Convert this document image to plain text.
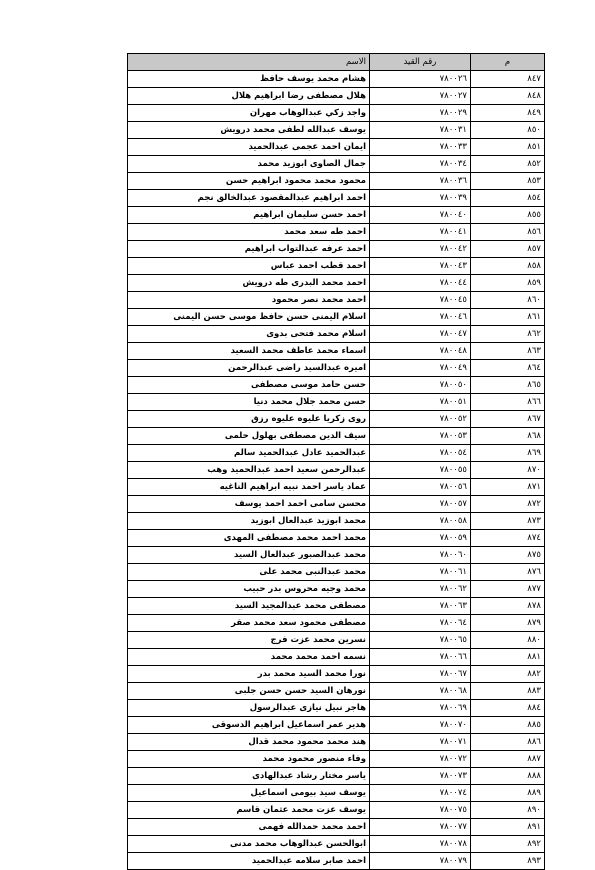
م	رقم القيد	الاسم
٨٤٧	٧٨٠٠٢٦	هشام محمد يوسف حافظ
٨٤٨	٧٨٠٠٢٧	هلال مصطفى رضا ابراهيم هلال
٨٤٩	٧٨٠٠٢٩	واجد زكي عبدالوهاب مهران
٨٥٠	٧٨٠٠٣١	يوسف عبدالله لطفى محمد درويش
٨٥١	٧٨٠٠٣٣	ايمان احمد عجمى عبدالحميد
٨٥٢	٧٨٠٠٣٤	جمال الصاوى ابوزيد محمد
٨٥٣	٧٨٠٠٣٦	محمود محمد محمود ابراهيم حسن
٨٥٤	٧٨٠٠٣٩	احمد ابراهيم عبدالمقصود عبدالخالق نجم
٨٥٥	٧٨٠٠٤٠	احمد حسن سليمان ابراهيم
٨٥٦	٧٨٠٠٤١	احمد طه سعد محمد
٨٥٧	٧٨٠٠٤٢	احمد عرفه عبدالتواب ابراهيم
٨٥٨	٧٨٠٠٤٣	احمد قطب احمد عباس
٨٥٩	٧٨٠٠٤٤	احمد محمد البدرى طه درويش
٨٦٠	٧٨٠٠٤٥	احمد محمد نصر محمود
٨٦١	٧٨٠٠٤٦	اسلام اليمنى حسن حافظ موسى حسن اليمنى
٨٦٢	٧٨٠٠٤٧	اسلام محمد فتحى بدوى
٨٦٣	٧٨٠٠٤٨	اسماء محمد عاطف محمد السعيد
٨٦٤	٧٨٠٠٤٩	اميره عبدالسيد راضى عبدالرحمن
٨٦٥	٧٨٠٠٥٠	حسن حامد موسى مصطفى
٨٦٦	٧٨٠٠٥١	حسن محمد جلال محمد دنيا
٨٦٧	٧٨٠٠٥٢	روى زكريا عليوه عليوه رزق
٨٦٨	٧٨٠٠٥٣	سيف الدين مصطفى بهلول حلمى
٨٦٩	٧٨٠٠٥٤	عبدالحميد عادل عبدالحميد سالم
٨٧٠	٧٨٠٠٥٥	عبدالرحمن سعيد احمد عبدالحميد وهب
٨٧١	٧٨٠٠٥٦	عماد ياسر احمد نبيه ابراهيم الناغيه
٨٧٢	٧٨٠٠٥٧	محسن سامى احمد احمد يوسف
٨٧٣	٧٨٠٠٥٨	محمد ابوزيد عبدالعال ابوزيد
٨٧٤	٧٨٠٠٥٩	محمد احمد محمد مصطفى المهدى
٨٧٥	٧٨٠٠٦٠	محمد عبدالصبور عبدالعال السيد
٨٧٦	٧٨٠٠٦١	محمد عبدالنبى محمد على
٨٧٧	٧٨٠٠٦٢	محمد وجيه محروس بدر حبيب
٨٧٨	٧٨٠٠٦٣	مصطفى محمد عبدالمجيد السيد
٨٧٩	٧٨٠٠٦٤	مصطفى محمود سعد محمد صقر
٨٨٠	٧٨٠٠٦٥	نسرين محمد عزت فرج
٨٨١	٧٨٠٠٦٦	نسمه احمد محمد محمد
٨٨٢	٧٨٠٠٦٧	نورا محمد السيد محمد بدر
٨٨٣	٧٨٠٠٦٨	نورهان السيد حسن حسن جلبى
٨٨٤	٧٨٠٠٦٩	هاجر نبيل نيازى عبدالرسول
٨٨٥	٧٨٠٠٧٠	هدير عمر اسماعيل ابراهيم الدسوقى
٨٨٦	٧٨٠٠٧١	هند محمد محمود محمد قدال
٨٨٧	٧٨٠٠٧٢	وفاء منصور محمود محمد
٨٨٨	٧٨٠٠٧٣	ياسر مختار رشاد عبدالهادى
٨٨٩	٧٨٠٠٧٤	يوسف سيد بيومى اسماعيل
٨٩٠	٧٨٠٠٧٥	يوسف عزت محمد عثمان قاسم
٨٩١	٧٨٠٠٧٧	احمد محمد حمدالله فهمى
٨٩٢	٧٨٠٠٧٨	ابوالحسن عبدالوهاب محمد مدنى
٨٩٣	٧٨٠٠٧٩	احمد صابر سلامه عبدالحميد
